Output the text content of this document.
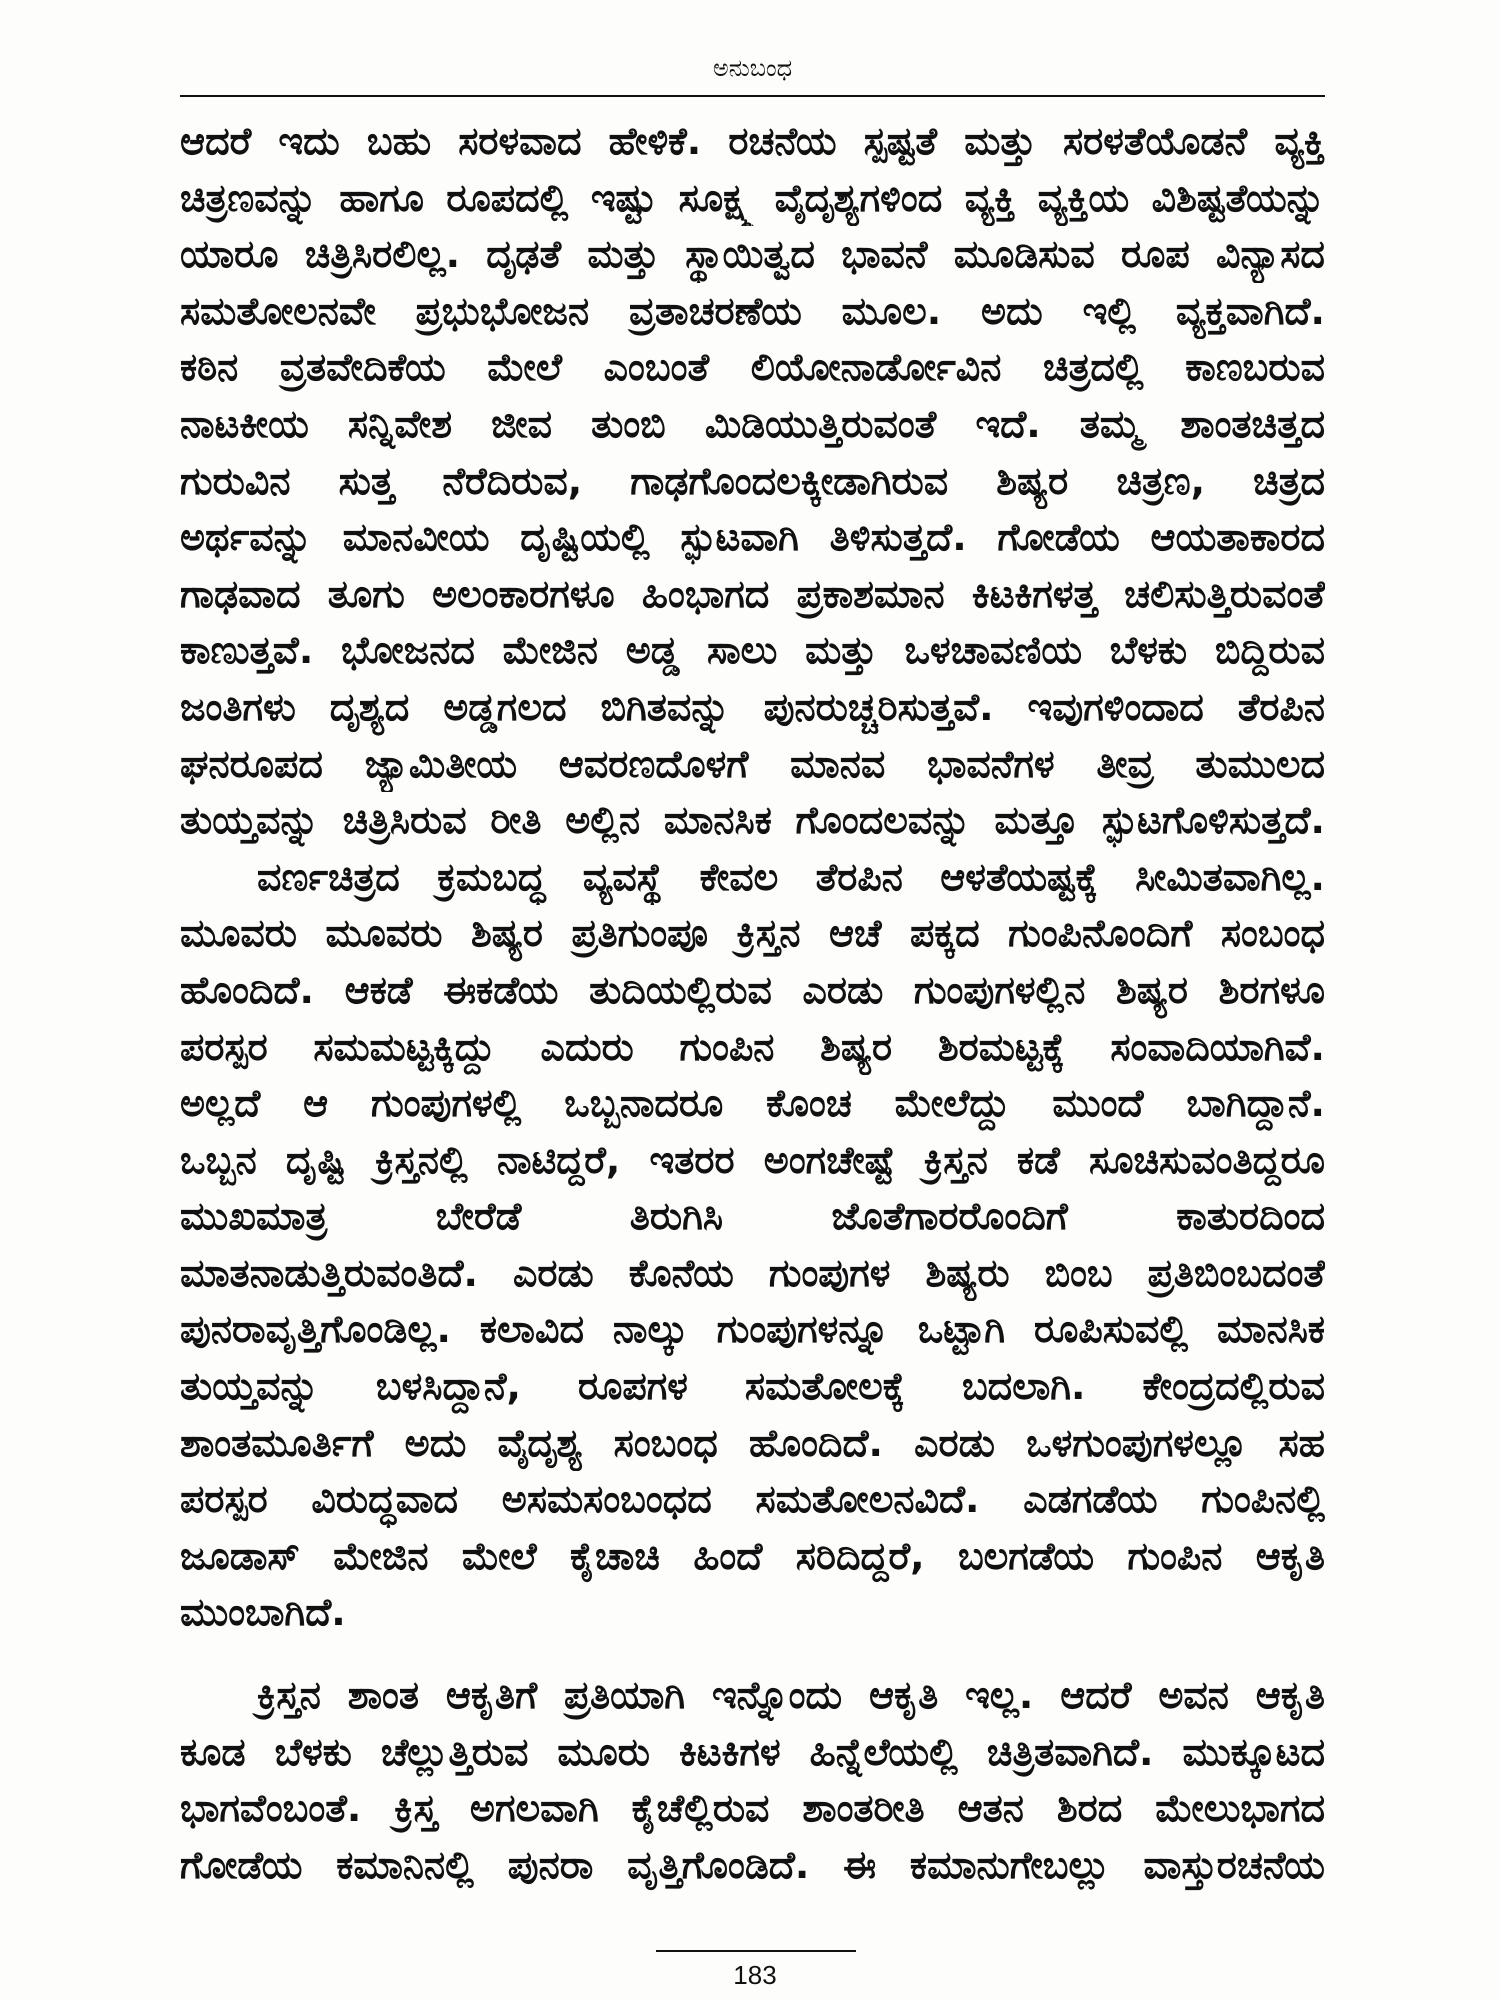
ಅನುಬಂಧ
ಆದರೆ ಇದು ಬಹು ಸರಳವಾದ ಹೇಳಿಕೆ. ರಚನೆಯ ಸ್ಪಷ್ಟತೆ ಮತ್ತು ಸರಳತೆಯೊಡನೆ ವ್ಯಕ್ತಿ
ಚಿತ್ರಣವನ್ನು ಹಾಗೂ ರೂಪದಲ್ಲಿ ಇಷ್ಟು ಸೂಕ್ಷ್ಮ ವೈದೃಶ್ಯಗಳಿಂದ ವ್ಯಕ್ತಿ ವ್ಯಕ್ತಿಯ ವಿಶಿಷ್ಟತೆಯನ್ನು
ಯಾರೂ ಚಿತ್ರಿಸಿರಲಿಲ್ಲ. ದೃಢತೆ ಮತ್ತು ಸ್ಥಾಯಿತ್ವದ ಭಾವನೆ ಮೂಡಿಸುವ ರೂಪ ವಿನ್ಯಾಸದ
ಸಮತೋಲನವೇ ಪ್ರಭುಭೋಜನ ವ್ರತಾಚರಣೆಯ ಮೂಲ. ಅದು ಇಲ್ಲಿ ವ್ಯಕ್ತವಾಗಿದೆ.
ಕಠಿನ ವ್ರತವೇದಿಕೆಯ ಮೇಲೆ ಎಂಬಂತೆ ಲಿಯೋನಾರ್ಡೋವಿನ ಚಿತ್ರದಲ್ಲಿ ಕಾಣಬರುವ
ನಾಟಕೀಯ ಸನ್ನಿವೇಶ ಜೀವ ತುಂಬಿ ಮಿಡಿಯುತ್ತಿರುವಂತೆ ಇದೆ. ತಮ್ಮ ಶಾಂತಚಿತ್ತದ
ಗುರುವಿನ ಸುತ್ತ ನೆರೆದಿರುವ, ಗಾಢಗೊಂದಲಕ್ಕೀಡಾಗಿರುವ ಶಿಷ್ಯರ ಚಿತ್ರಣ, ಚಿತ್ರದ
ಅರ್ಥವನ್ನು ಮಾನವೀಯ ದೃಷ್ಟಿಯಲ್ಲಿ ಸ್ಫುಟವಾಗಿ ತಿಳಿಸುತ್ತದೆ. ಗೋಡೆಯ ಆಯತಾಕಾರದ
ಗಾಢವಾದ ತೂಗು ಅಲಂಕಾರಗಳೂ ಹಿಂಭಾಗದ ಪ್ರಕಾಶಮಾನ ಕಿಟಕಿಗಳತ್ತ ಚಲಿಸುತ್ತಿರುವಂತೆ
ಕಾಣುತ್ತವೆ. ಭೋಜನದ ಮೇಜಿನ ಅಡ್ಡ ಸಾಲು ಮತ್ತು ಒಳಚಾವಣಿಯ ಬೆಳಕು ಬಿದ್ದಿರುವ
ಜಂತಿಗಳು ದೃಶ್ಯದ ಅಡ್ಡಗಲದ ಬಿಗಿತವನ್ನು ಪುನರುಚ್ಚರಿಸುತ್ತವೆ. ಇವುಗಳಿಂದಾದ ತೆರಪಿನ
ಘನರೂಪದ ಜ್ಯಾಮಿತೀಯ ಆವರಣದೊಳಗೆ ಮಾನವ ಭಾವನೆಗಳ ತೀವ್ರ ತುಮುಲದ
ತುಯ್ತವನ್ನು ಚಿತ್ರಿಸಿರುವ ರೀತಿ ಅಲ್ಲಿನ ಮಾನಸಿಕ ಗೊಂದಲವನ್ನು ಮತ್ತೂ ಸ್ಫುಟಗೊಳಿಸುತ್ತದೆ.
ವರ್ಣಚಿತ್ರದ ಕ್ರಮಬದ್ಧ ವ್ಯವಸ್ಥೆ ಕೇವಲ ತೆರಪಿನ ಆಳತೆಯಷ್ಟಕ್ಕೆ ಸೀಮಿತವಾಗಿಲ್ಲ.
ಮೂವರು ಮೂವರು ಶಿಷ್ಯರ ಪ್ರತಿಗುಂಪೂ ಕ್ರಿಸ್ತನ ಆಚೆ ಪಕ್ಕದ ಗುಂಪಿನೊಂದಿಗೆ ಸಂಬಂಧ
ಹೊಂದಿದೆ. ಆಕಡೆ ಈಕಡೆಯ ತುದಿಯಲ್ಲಿರುವ ಎರಡು ಗುಂಪುಗಳಲ್ಲಿನ ಶಿಷ್ಯರ ಶಿರಗಳೂ
ಪರಸ್ಪರ ಸಮಮಟ್ಟಕ್ಕಿದ್ದು ಎದುರು ಗುಂಪಿನ ಶಿಷ್ಯರ ಶಿರಮಟ್ಟಕ್ಕೆ ಸಂವಾದಿಯಾಗಿವೆ.
ಅಲ್ಲದೆ ಆ ಗುಂಪುಗಳಲ್ಲಿ ಒಬ್ಬನಾದರೂ ಕೊಂಚ ಮೇಲೆದ್ದು ಮುಂದೆ ಬಾಗಿದ್ದಾನೆ.
ಒಬ್ಬನ ದೃಷ್ಟಿ ಕ್ರಿಸ್ತನಲ್ಲಿ ನಾಟಿದ್ದರೆ, ಇತರರ ಅಂಗಚೇಷ್ಟೆ ಕ್ರಿಸ್ತನ ಕಡೆ ಸೂಚಿಸುವಂತಿದ್ದರೂ
ಮುಖಮಾತ್ರ ಬೇರೆಡೆ ತಿರುಗಿಸಿ ಜೊತೆಗಾರರೊಂದಿಗೆ ಕಾತುರದಿಂದ
ಮಾತನಾಡುತ್ತಿರುವಂತಿದೆ. ಎರಡು ಕೊನೆಯ ಗುಂಪುಗಳ ಶಿಷ್ಯರು ಬಿಂಬ ಪ್ರತಿಬಿಂಬದಂತೆ
ಪುನರಾವೃತ್ತಿಗೊಂಡಿಲ್ಲ. ಕಲಾವಿದ ನಾಲ್ಕು ಗುಂಪುಗಳನ್ನೂ ಒಟ್ಟಾಗಿ ರೂಪಿಸುವಲ್ಲಿ ಮಾನಸಿಕ
ತುಯ್ತವನ್ನು ಬಳಸಿದ್ದಾನೆ, ರೂಪಗಳ ಸಮತೋಲಕ್ಕೆ ಬದಲಾಗಿ. ಕೇಂದ್ರದಲ್ಲಿರುವ
ಶಾಂತಮೂರ್ತಿಗೆ ಅದು ವೈದೃಶ್ಯ ಸಂಬಂಧ ಹೊಂದಿದೆ. ಎರಡು ಒಳಗುಂಪುಗಳಲ್ಲೂ ಸಹ
ಪರಸ್ಪರ ವಿರುದ್ಧವಾದ ಅಸಮಸಂಬಂಧದ ಸಮತೋಲನವಿದೆ. ಎಡಗಡೆಯ ಗುಂಪಿನಲ್ಲಿ
ಜೂಡಾಸ್ ಮೇಜಿನ ಮೇಲೆ ಕೈಚಾಚಿ ಹಿಂದೆ ಸರಿದಿದ್ದರೆ, ಬಲಗಡೆಯ ಗುಂಪಿನ ಆಕೃತಿ
ಮುಂಬಾಗಿದೆ.
ಕ್ರಿಸ್ತನ ಶಾಂತ ಆಕೃತಿಗೆ ಪ್ರತಿಯಾಗಿ ಇನ್ನೊಂದು ಆಕೃತಿ ಇಲ್ಲ. ಆದರೆ ಅವನ ಆಕೃತಿ
ಕೂಡ ಬೆಳಕು ಚೆಲ್ಲುತ್ತಿರುವ ಮೂರು ಕಿಟಕಿಗಳ ಹಿನ್ನೆಲೆಯಲ್ಲಿ ಚಿತ್ರಿತವಾಗಿದೆ. ಮುಕ್ಕೂಟದ
ಭಾಗವೆಂಬಂತೆ. ಕ್ರಿಸ್ತ ಅಗಲವಾಗಿ ಕೈಚೆಲ್ಲಿರುವ ಶಾಂತರೀತಿ ಆತನ ಶಿರದ ಮೇಲುಭಾಗದ
ಗೋಡೆಯ ಕಮಾನಿನಲ್ಲಿ ಪುನರಾ ವೃತ್ತಿಗೊಂಡಿದೆ. ಈ ಕಮಾನುಗೇಬಲ್ಲು ವಾಸ್ತುರಚನೆಯ
183
